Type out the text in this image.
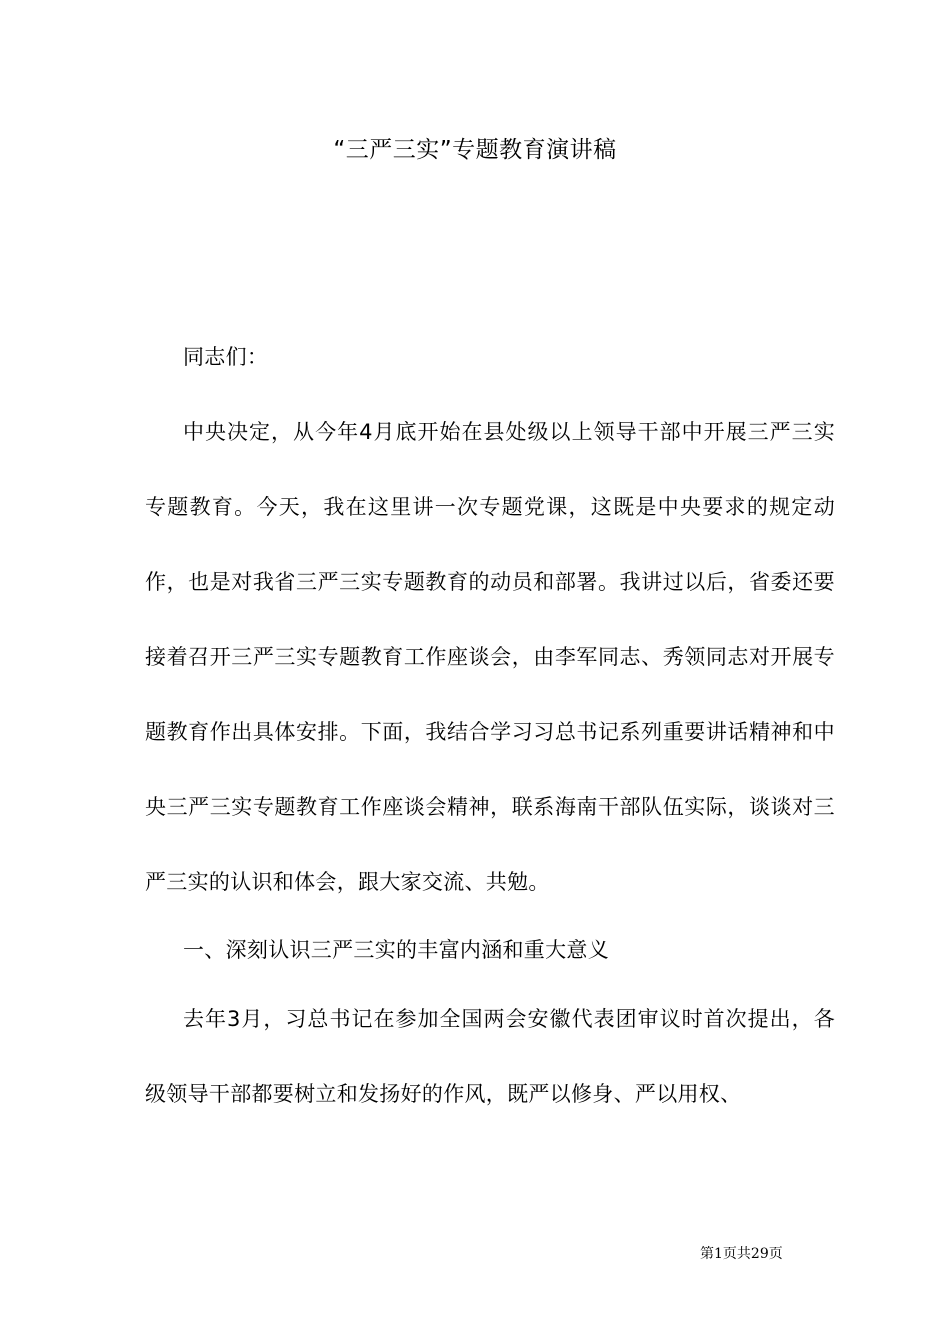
“三严三实”专题教育演讲稿

同志们：

中央决定，从今年4月底开始在县处级以上领导干部中开展三严三实专题教育。今天，我在这里讲一次专题党课，这既是中央要求的规定动作，也是对我省三严三实专题教育的动员和部署。我讲过以后，省委还要接着召开三严三实专题教育工作座谈会，由李军同志、秀领同志对开展专题教育作出具体安排。下面，我结合学习习总书记系列重要讲话精神和中央三严三实专题教育工作座谈会精神，联系海南干部队伍实际，谈谈对三严三实的认识和体会，跟大家交流、共勉。

一、深刻认识三严三实的丰富内涵和重大意义

去年3月，习总书记在参加全国两会安徽代表团审议时首次提出，各级领导干部都要树立和发扬好的作风，既严以修身、严以用权、

第1页共29页
